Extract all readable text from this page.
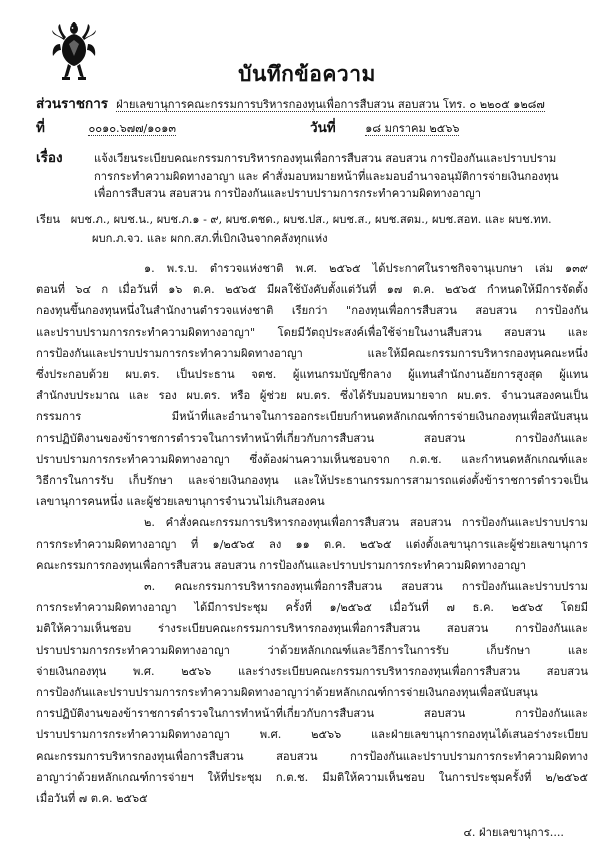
บันทึกข้อความ
ส่วนราชการ ฝ่ายเลขานุการคณะกรรมการบริหารกองทุนเพื่อการสืบสวน สอบสวน โทร. ๐ ๒๒๐๕ ๑๒๘๗
ที่	๐๐๑๐.๖๗๗/๑๐๑๓	วันที่	๑๘ มกราคม ๒๕๖๖
เรื่อง	แจ้งเวียนระเบียบคณะกรรมการบริหารกองทุนเพื่อการสืบสวน สอบสวน การป้องกันและปราบปราม
การกระทำความผิดทางอาญา และ คำสั่งมอบหมายหน้าที่และมอบอำนาจอนุมัติการจ่ายเงินกองทุน
เพื่อการสืบสวน สอบสวน การป้องกันและปราบปรามการกระทำความผิดทางอาญา
เรียน ผบช.ภ., ผบช.น., ผบช.ภ.๑ - ๙, ผบช.ตชด., ผบช.ปส., ผบช.ส., ผบช.สตม., ผบช.สอท. และ ผบช.ทท.
ผบก.ภ.จว. และ ผกก.สภ.ที่เบิกเงินจากคลังทุกแห่ง
๑. พ.ร.บ. ตำรวจแห่งชาติ พ.ศ. ๒๕๖๕ ได้ประกาศในราชกิจจานุเบกษา เล่ม ๑๓๙
ตอนที่ ๖๔ ก เมื่อวันที่ ๑๖ ต.ค. ๒๕๖๕ มีผลใช้บังคับตั้งแต่วันที่ ๑๗ ต.ค. ๒๕๖๕ กำหนดให้มีการจัดตั้ง
กองทุนขึ้นกองทุนหนึ่งในสำนักงานตำรวจแห่งชาติ เรียกว่า "กองทุนเพื่อการสืบสวน สอบสวน การป้องกัน
และปราบปรามการกระทำความผิดทางอาญา" โดยมีวัตถุประสงค์เพื่อใช้จ่ายในงานสืบสวน สอบสวน และ
การป้องกันและปราบปรามการกระทำความผิดทางอาญา และให้มีคณะกรรมการบริหารกองทุนคณะหนึ่ง
ซึ่งประกอบด้วย ผบ.ตร. เป็นประธาน จตช. ผู้แทนกรมบัญชีกลาง ผู้แทนสำนักงานอัยการสูงสุด ผู้แทน
สำนักงบประมาณ และ รอง ผบ.ตร. หรือ ผู้ช่วย ผบ.ตร. ซึ่งได้รับมอบหมายจาก ผบ.ตร. จำนวนสองคนเป็น
กรรมการ มีหน้าที่และอำนาจในการออกระเบียบกำหนดหลักเกณฑ์การจ่ายเงินกองทุนเพื่อสนับสนุน
การปฏิบัติงานของข้าราชการตำรวจในการทำหน้าที่เกี่ยวกับการสืบสวน สอบสวน การป้องกันและ
ปราบปรามการกระทำความผิดทางอาญา ซึ่งต้องผ่านความเห็นชอบจาก ก.ต.ช. และกำหนดหลักเกณฑ์และ
วิธีการในการรับ เก็บรักษา และจ่ายเงินกองทุน และให้ประธานกรรมการสามารถแต่งตั้งข้าราชการตำรวจเป็น
เลขานุการคนหนึ่ง และผู้ช่วยเลขานุการจำนวนไม่เกินสองคน
๒. คำสั่งคณะกรรมการบริหารกองทุนเพื่อการสืบสวน สอบสวน การป้องกันและปราบปราม
การกระทำความผิดทางอาญา ที่ ๑/๒๕๖๕ ลง ๑๑ ต.ค. ๒๕๖๕ แต่งตั้งเลขานุการและผู้ช่วยเลขานุการ
คณะกรรมการกองทุนเพื่อการสืบสวน สอบสวน การป้องกันและปราบปรามการกระทำความผิดทางอาญา
๓. คณะกรรมการบริหารกองทุนเพื่อการสืบสวน สอบสวน การป้องกันและปราบปราม
การกระทำความผิดทางอาญา ได้มีการประชุม ครั้งที่ ๑/๒๕๖๕ เมื่อวันที่ ๗ ธ.ค. ๒๕๖๕ โดยมี
มติให้ความเห็นชอบ ร่างระเบียบคณะกรรมการบริหารกองทุนเพื่อการสืบสวน สอบสวน การป้องกันและ
ปราบปรามการกระทำความผิดทางอาญา ว่าด้วยหลักเกณฑ์และวิธีการในการรับ เก็บรักษา และ
จ่ายเงินกองทุน พ.ศ. ๒๕๖๖ และร่างระเบียบคณะกรรมการบริหารกองทุนเพื่อการสืบสวน สอบสวน
การป้องกันและปราบปรามการกระทำความผิดทางอาญาว่าด้วยหลักเกณฑ์การจ่ายเงินกองทุนเพื่อสนับสนุน
การปฏิบัติงานของข้าราชการตำรวจในการทำหน้าที่เกี่ยวกับการสืบสวน สอบสวน การป้องกันและ
ปราบปรามการกระทำความผิดทางอาญา พ.ศ. ๒๕๖๖ และฝ่ายเลขานุการกองทุนได้เสนอร่างระเบียบ
คณะกรรมการบริหารกองทุนเพื่อการสืบสวน สอบสวน การป้องกันและปราบปรามการกระทำความผิดทาง
อาญาว่าด้วยหลักเกณฑ์การจ่ายฯ ให้ที่ประชุม ก.ต.ช. มีมติให้ความเห็นชอบ ในการประชุมครั้งที่ ๒/๒๕๖๕
เมื่อวันที่ ๗ ต.ค. ๒๕๖๕
๔. ฝ่ายเลขานุการ....
